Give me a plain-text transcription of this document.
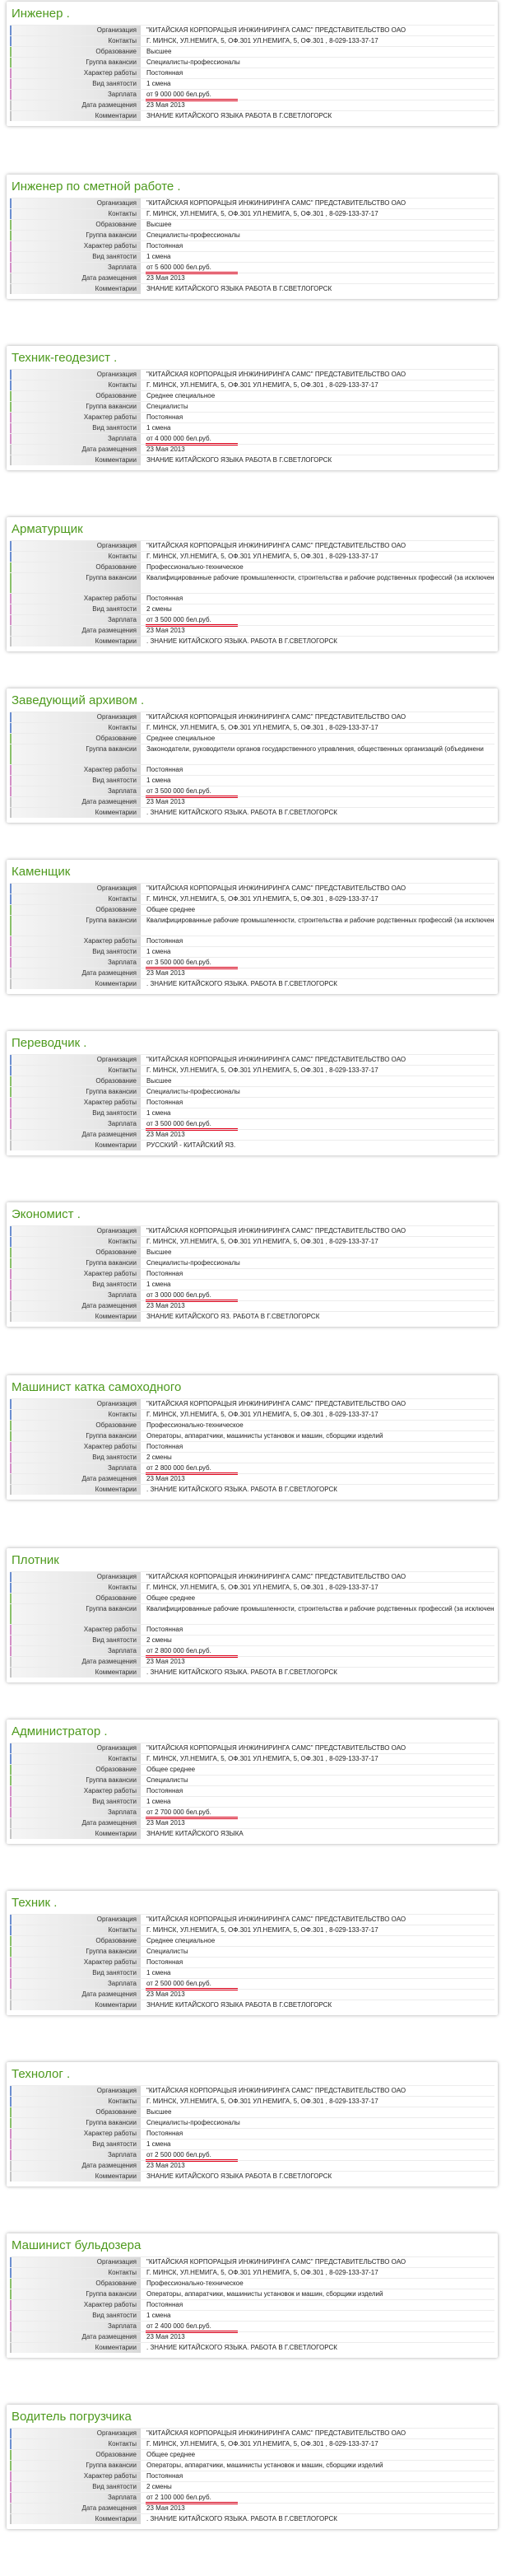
Инженер .
Организация	"КИТАЙСКАЯ КОРПОРАЦЫЯ ИНЖИНИРИНГА САМС" ПРЕДСТАВИТЕЛЬСТВО ОАО
Контакты	Г. МИНСК, УЛ.НЕМИГА, 5, ОФ.301 УЛ.НЕМИГА, 5, ОФ.301 , 8-029-133-37-17
Образование	Высшее
Группа вакансии	Специалисты-профессионалы
Характер работы	Постоянная
Вид занятости	1 смена
Зарплата	от 9 000 000 бел.руб.
Дата размещения	23 Мая 2013
Комментарии	ЗНАНИЕ КИТАЙСКОГО ЯЗЫКА РАБОТА В Г.СВЕТЛОГОРСК
Инженер по сметной работе .
Организация	"КИТАЙСКАЯ КОРПОРАЦЫЯ ИНЖИНИРИНГА САМС" ПРЕДСТАВИТЕЛЬСТВО ОАО
Контакты	Г. МИНСК, УЛ.НЕМИГА, 5, ОФ.301 УЛ.НЕМИГА, 5, ОФ.301 , 8-029-133-37-17
Образование	Высшее
Группа вакансии	Специалисты-профессионалы
Характер работы	Постоянная
Вид занятости	1 смена
Зарплата	от 5 600 000 бел.руб.
Дата размещения	23 Мая 2013
Комментарии	ЗНАНИЕ КИТАЙСКОГО ЯЗЫКА РАБОТА В Г.СВЕТЛОГОРСК
Техник-геодезист .
Организация	"КИТАЙСКАЯ КОРПОРАЦЫЯ ИНЖИНИРИНГА САМС" ПРЕДСТАВИТЕЛЬСТВО ОАО
Контакты	Г. МИНСК, УЛ.НЕМИГА, 5, ОФ.301 УЛ.НЕМИГА, 5, ОФ.301 , 8-029-133-37-17
Образование	Среднее специальное
Группа вакансии	Специалисты
Характер работы	Постоянная
Вид занятости	1 смена
Зарплата	от 4 000 000 бел.руб.
Дата размещения	23 Мая 2013
Комментарии	ЗНАНИЕ КИТАЙСКОГО ЯЗЫКА РАБОТА В Г.СВЕТЛОГОРСК
Арматурщик
Организация	"КИТАЙСКАЯ КОРПОРАЦЫЯ ИНЖИНИРИНГА САМС" ПРЕДСТАВИТЕЛЬСТВО ОАО
Контакты	Г. МИНСК, УЛ.НЕМИГА, 5, ОФ.301 УЛ.НЕМИГА, 5, ОФ.301 , 8-029-133-37-17
Образование	Профессионально-техническое
Группа вакансии	Квалифицированные рабочие промышленности, строительства и рабочие родственных профессий (за исключен
Характер работы	Постоянная
Вид занятости	2 смены
Зарплата	от 3 500 000 бел.руб.
Дата размещения	23 Мая 2013
Комментарии	. ЗНАНИЕ КИТАЙСКОГО ЯЗЫКА. РАБОТА В Г.СВЕТЛОГОРСК
Заведующий архивом .
Организация	"КИТАЙСКАЯ КОРПОРАЦЫЯ ИНЖИНИРИНГА САМС" ПРЕДСТАВИТЕЛЬСТВО ОАО
Контакты	Г. МИНСК, УЛ.НЕМИГА, 5, ОФ.301 УЛ.НЕМИГА, 5, ОФ.301 , 8-029-133-37-17
Образование	Среднее специальное
Группа вакансии	Законодатели, руководители органов государственного управления, общественных организаций (объединени
Характер работы	Постоянная
Вид занятости	1 смена
Зарплата	от 3 500 000 бел.руб.
Дата размещения	23 Мая 2013
Комментарии	. ЗНАНИЕ КИТАЙСКОГО ЯЗЫКА. РАБОТА В Г.СВЕТЛОГОРСК
Каменщик
Организация	"КИТАЙСКАЯ КОРПОРАЦЫЯ ИНЖИНИРИНГА САМС" ПРЕДСТАВИТЕЛЬСТВО ОАО
Контакты	Г. МИНСК, УЛ.НЕМИГА, 5, ОФ.301 УЛ.НЕМИГА, 5, ОФ.301 , 8-029-133-37-17
Образование	Общее среднее
Группа вакансии	Квалифицированные рабочие промышленности, строительства и рабочие родственных профессий (за исключен
Характер работы	Постоянная
Вид занятости	1 смена
Зарплата	от 3 500 000 бел.руб.
Дата размещения	23 Мая 2013
Комментарии	. ЗНАНИЕ КИТАЙСКОГО ЯЗЫКА. РАБОТА В Г.СВЕТЛОГОРСК
Переводчик .
Организация	"КИТАЙСКАЯ КОРПОРАЦЫЯ ИНЖИНИРИНГА САМС" ПРЕДСТАВИТЕЛЬСТВО ОАО
Контакты	Г. МИНСК, УЛ.НЕМИГА, 5, ОФ.301 УЛ.НЕМИГА, 5, ОФ.301 , 8-029-133-37-17
Образование	Высшее
Группа вакансии	Специалисты-профессионалы
Характер работы	Постоянная
Вид занятости	1 смена
Зарплата	от 3 500 000 бел.руб.
Дата размещения	23 Мая 2013
Комментарии	РУССКИЙ - КИТАЙСКИЙ ЯЗ.
Экономист .
Организация	"КИТАЙСКАЯ КОРПОРАЦЫЯ ИНЖИНИРИНГА САМС" ПРЕДСТАВИТЕЛЬСТВО ОАО
Контакты	Г. МИНСК, УЛ.НЕМИГА, 5, ОФ.301 УЛ.НЕМИГА, 5, ОФ.301 , 8-029-133-37-17
Образование	Высшее
Группа вакансии	Специалисты-профессионалы
Характер работы	Постоянная
Вид занятости	1 смена
Зарплата	от 3 000 000 бел.руб.
Дата размещения	23 Мая 2013
Комментарии	ЗНАНИЕ КИТАЙСКОГО ЯЗ. РАБОТА В Г.СВЕТЛОГОРСК
Машинист катка самоходного
Организация	"КИТАЙСКАЯ КОРПОРАЦЫЯ ИНЖИНИРИНГА САМС" ПРЕДСТАВИТЕЛЬСТВО ОАО
Контакты	Г. МИНСК, УЛ.НЕМИГА, 5, ОФ.301 УЛ.НЕМИГА, 5, ОФ.301 , 8-029-133-37-17
Образование	Профессионально-техническое
Группа вакансии	Операторы, аппаратчики, машинисты установок и машин, сборщики изделий
Характер работы	Постоянная
Вид занятости	2 смены
Зарплата	от 2 800 000 бел.руб.
Дата размещения	23 Мая 2013
Комментарии	. ЗНАНИЕ КИТАЙСКОГО ЯЗЫКА. РАБОТА В Г.СВЕТЛОГОРСК
Плотник
Организация	"КИТАЙСКАЯ КОРПОРАЦЫЯ ИНЖИНИРИНГА САМС" ПРЕДСТАВИТЕЛЬСТВО ОАО
Контакты	Г. МИНСК, УЛ.НЕМИГА, 5, ОФ.301 УЛ.НЕМИГА, 5, ОФ.301 , 8-029-133-37-17
Образование	Общее среднее
Группа вакансии	Квалифицированные рабочие промышленности, строительства и рабочие родственных профессий (за исключен
Характер работы	Постоянная
Вид занятости	2 смены
Зарплата	от 2 800 000 бел.руб.
Дата размещения	23 Мая 2013
Комментарии	. ЗНАНИЕ КИТАЙСКОГО ЯЗЫКА. РАБОТА В Г.СВЕТЛОГОРСК
Администратор .
Организация	"КИТАЙСКАЯ КОРПОРАЦЫЯ ИНЖИНИРИНГА САМС" ПРЕДСТАВИТЕЛЬСТВО ОАО
Контакты	Г. МИНСК, УЛ.НЕМИГА, 5, ОФ.301 УЛ.НЕМИГА, 5, ОФ.301 , 8-029-133-37-17
Образование	Общее среднее
Группа вакансии	Специалисты
Характер работы	Постоянная
Вид занятости	1 смена
Зарплата	от 2 700 000 бел.руб.
Дата размещения	23 Мая 2013
Комментарии	ЗНАНИЕ КИТАЙСКОГО ЯЗЫКА
Техник .
Организация	"КИТАЙСКАЯ КОРПОРАЦЫЯ ИНЖИНИРИНГА САМС" ПРЕДСТАВИТЕЛЬСТВО ОАО
Контакты	Г. МИНСК, УЛ.НЕМИГА, 5, ОФ.301 УЛ.НЕМИГА, 5, ОФ.301 , 8-029-133-37-17
Образование	Среднее специальное
Группа вакансии	Специалисты
Характер работы	Постоянная
Вид занятости	1 смена
Зарплата	от 2 500 000 бел.руб.
Дата размещения	23 Мая 2013
Комментарии	ЗНАНИЕ КИТАЙСКОГО ЯЗЫКА РАБОТА В Г.СВЕТЛОГОРСК
Технолог .
Организация	"КИТАЙСКАЯ КОРПОРАЦЫЯ ИНЖИНИРИНГА САМС" ПРЕДСТАВИТЕЛЬСТВО ОАО
Контакты	Г. МИНСК, УЛ.НЕМИГА, 5, ОФ.301 УЛ.НЕМИГА, 5, ОФ.301 , 8-029-133-37-17
Образование	Высшее
Группа вакансии	Специалисты-профессионалы
Характер работы	Постоянная
Вид занятости	1 смена
Зарплата	от 2 500 000 бел.руб.
Дата размещения	23 Мая 2013
Комментарии	ЗНАНИЕ КИТАЙСКОГО ЯЗЫКА РАБОТА В Г.СВЕТЛОГОРСК
Машинист бульдозера
Организация	"КИТАЙСКАЯ КОРПОРАЦЫЯ ИНЖИНИРИНГА САМС" ПРЕДСТАВИТЕЛЬСТВО ОАО
Контакты	Г. МИНСК, УЛ.НЕМИГА, 5, ОФ.301 УЛ.НЕМИГА, 5, ОФ.301 , 8-029-133-37-17
Образование	Профессионально-техническое
Группа вакансии	Операторы, аппаратчики, машинисты установок и машин, сборщики изделий
Характер работы	Постоянная
Вид занятости	1 смена
Зарплата	от 2 400 000 бел.руб.
Дата размещения	23 Мая 2013
Комментарии	. ЗНАНИЕ КИТАЙСКОГО ЯЗЫКА. РАБОТА В Г.СВЕТЛОГОРСК
Водитель погрузчика
Организация	"КИТАЙСКАЯ КОРПОРАЦЫЯ ИНЖИНИРИНГА САМС" ПРЕДСТАВИТЕЛЬСТВО ОАО
Контакты	Г. МИНСК, УЛ.НЕМИГА, 5, ОФ.301 УЛ.НЕМИГА, 5, ОФ.301 , 8-029-133-37-17
Образование	Общее среднее
Группа вакансии	Операторы, аппаратчики, машинисты установок и машин, сборщики изделий
Характер работы	Постоянная
Вид занятости	2 смены
Зарплата	от 2 100 000 бел.руб.
Дата размещения	23 Мая 2013
Комментарии	. ЗНАНИЕ КИТАЙСКОГО ЯЗЫКА. РАБОТА В Г.СВЕТЛОГОРСК
